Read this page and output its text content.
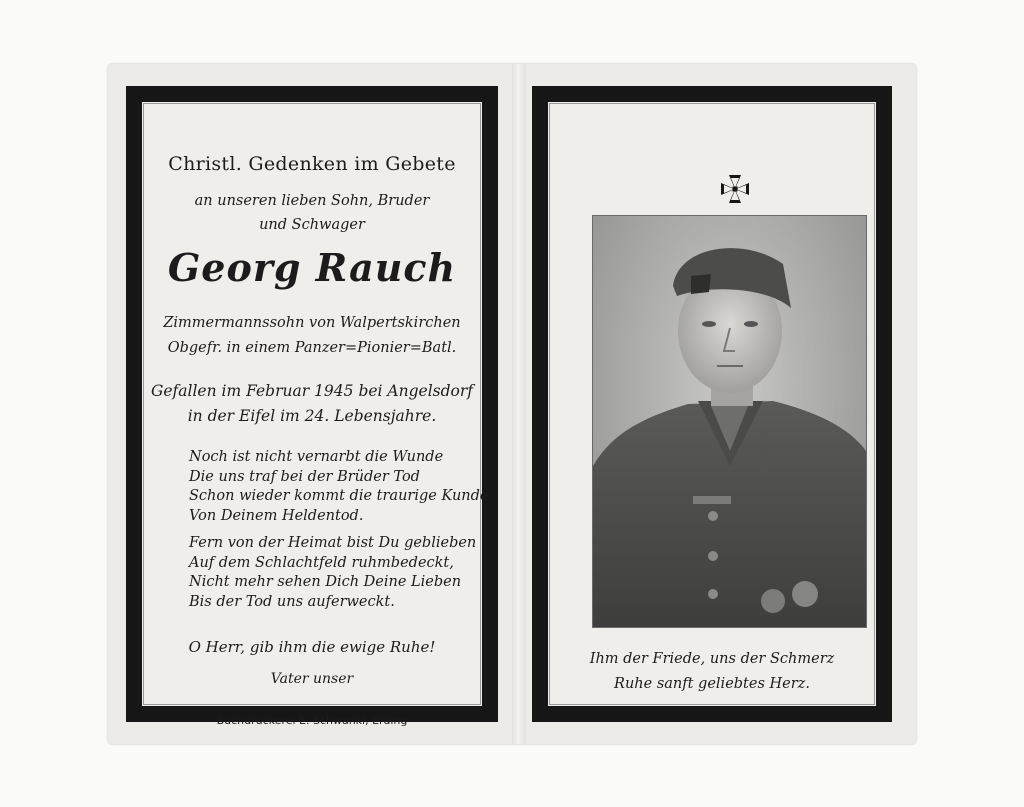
Christl. Gedenken im Gebete
an unseren lieben Sohn, Bruder
und Schwager
Georg Rauch
Zimmermannssohn von Walpertskirchen
Obgefr. in einem Panzer=Pionier=Batl.
Gefallen im Februar 1945 bei Angelsdorf
in der Eifel im 24. Lebensjahre.
Noch ist nicht vernarbt die Wunde
Die uns traf bei der Brüder Tod
Schon wieder kommt die traurige Kunde
Von Deinem Heldentod.
Fern von der Heimat bist Du geblieben
Auf dem Schlachtfeld ruhmbedeckt,
Nicht mehr sehen Dich Deine Lieben
Bis der Tod uns auferweckt.
O Herr, gib ihm die ewige Ruhe!
Vater unser
Buchdruckerei E. Schwankl, Erding
Ihm der Friede, uns der Schmerz
Ruhe sanft geliebtes Herz.
